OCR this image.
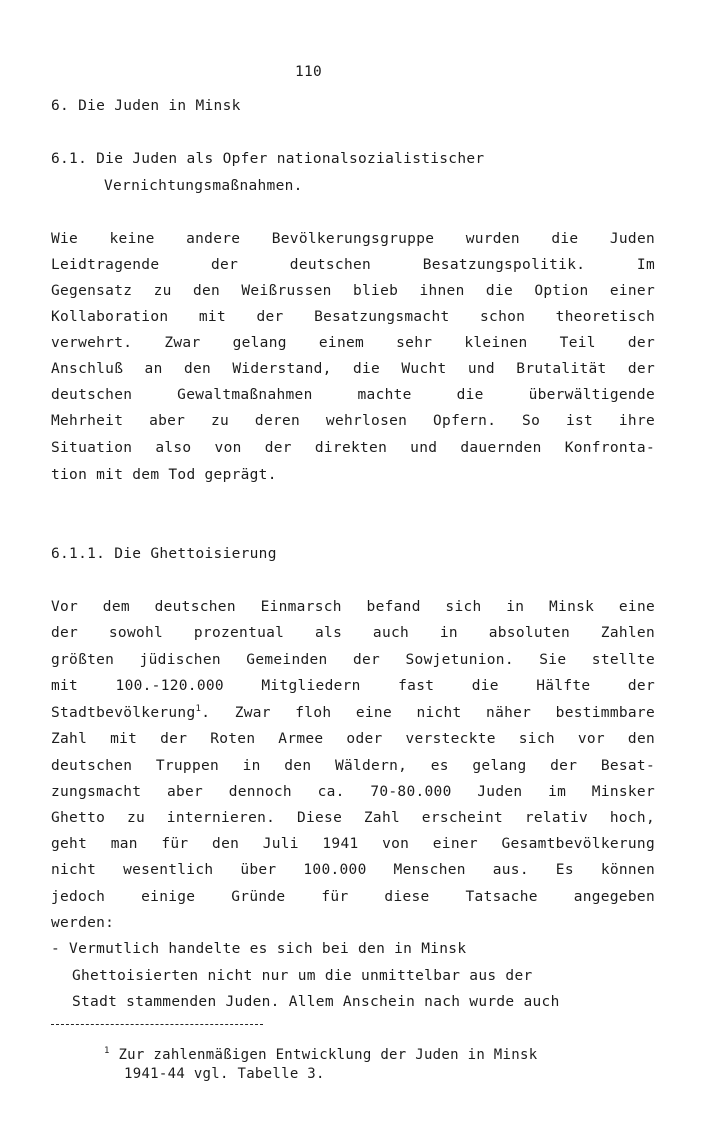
110
6. Die Juden in Minsk
6.1. Die Juden als Opfer nationalsozialistischer
Vernichtungsmaßnahmen.
Wie keine andere Bevölkerungsgruppe wurden die Juden
Leidtragende der deutschen Besatzungspolitik. Im
Gegensatz zu den Weißrussen blieb ihnen die Option einer
Kollaboration mit der Besatzungsmacht schon theoretisch
verwehrt. Zwar gelang einem sehr kleinen Teil der
Anschluß an den Widerstand, die Wucht und Brutalität der
deutschen Gewaltmaßnahmen machte die überwältigende
Mehrheit aber zu deren wehrlosen Opfern. So ist ihre
Situation also von der direkten und dauernden Konfronta-
tion mit dem Tod geprägt.
6.1.1. Die Ghettoisierung
Vor dem deutschen Einmarsch befand sich in Minsk eine
der sowohl prozentual als auch in absoluten Zahlen
größten jüdischen Gemeinden der Sowjetunion. Sie stellte
mit 100.-120.000 Mitgliedern fast die Hälfte der
Stadtbevölkerung$^1$. Zwar floh eine nicht näher bestimmbare
Zahl mit der Roten Armee oder versteckte sich vor den
deutschen Truppen in den Wäldern, es gelang der Besat-
zungsmacht aber dennoch ca. 70-80.000 Juden im Minsker
Ghetto zu internieren. Diese Zahl erscheint relativ hoch,
geht man für den Juli 1941 von einer Gesamtbevölkerung
nicht wesentlich über 100.000 Menschen aus. Es können
jedoch einige Gründe für diese Tatsache angegeben
werden:
- Vermutlich handelte es sich bei den in Minsk
Ghettoisierten nicht nur um die unmittelbar aus der
Stadt stammenden Juden. Allem Anschein nach wurde auch
$^1$ Zur zahlenmäßigen Entwicklung der Juden in Minsk
1941-44 vgl. Tabelle 3.
